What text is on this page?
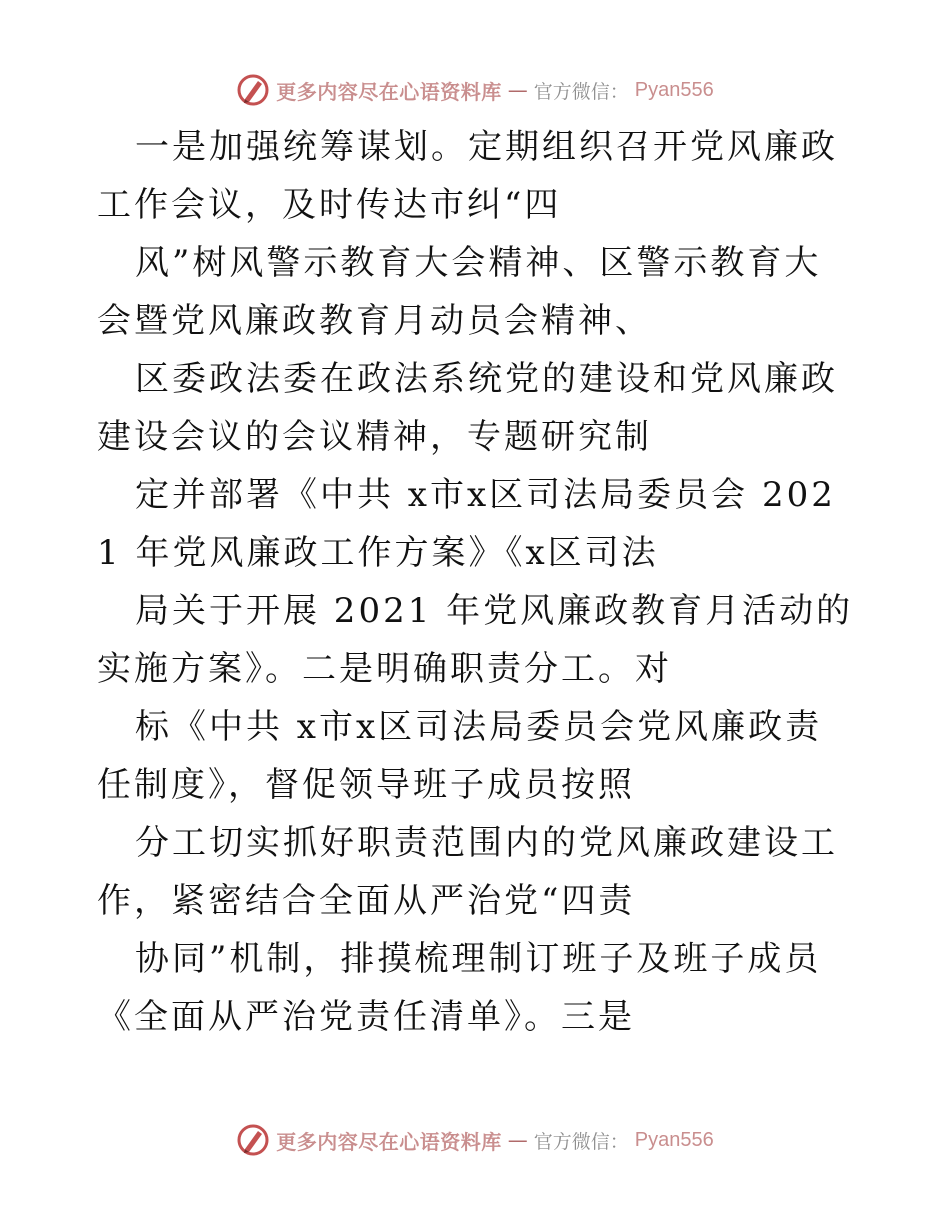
更多内容尽在心语资料库 — 官方微信： Pyan556

一是加强统筹谋划。定期组织召开党风廉政工作会议，及时传达市纠“四

风”树风警示教育大会精神、区警示教育大会暨党风廉政教育月动员会精神、

区委政法委在政法系统党的建设和党风廉政建设会议的会议精神，专题研究制

定并部署《中共 x市x区司法局委员会 2021 年党风廉政工作方案》《x区司法

局关于开展 2021 年党风廉政教育月活动的实施方案》。二是明确职责分工。对

标《中共 x市x区司法局委员会党风廉政责任制度》，督促领导班子成员按照

分工切实抓好职责范围内的党风廉政建设工作，紧密结合全面从严治党“四责

协同”机制，排摸梳理制订班子及班子成员《全面从严治党责任清单》。三是

更多内容尽在心语资料库 — 官方微信： Pyan556
